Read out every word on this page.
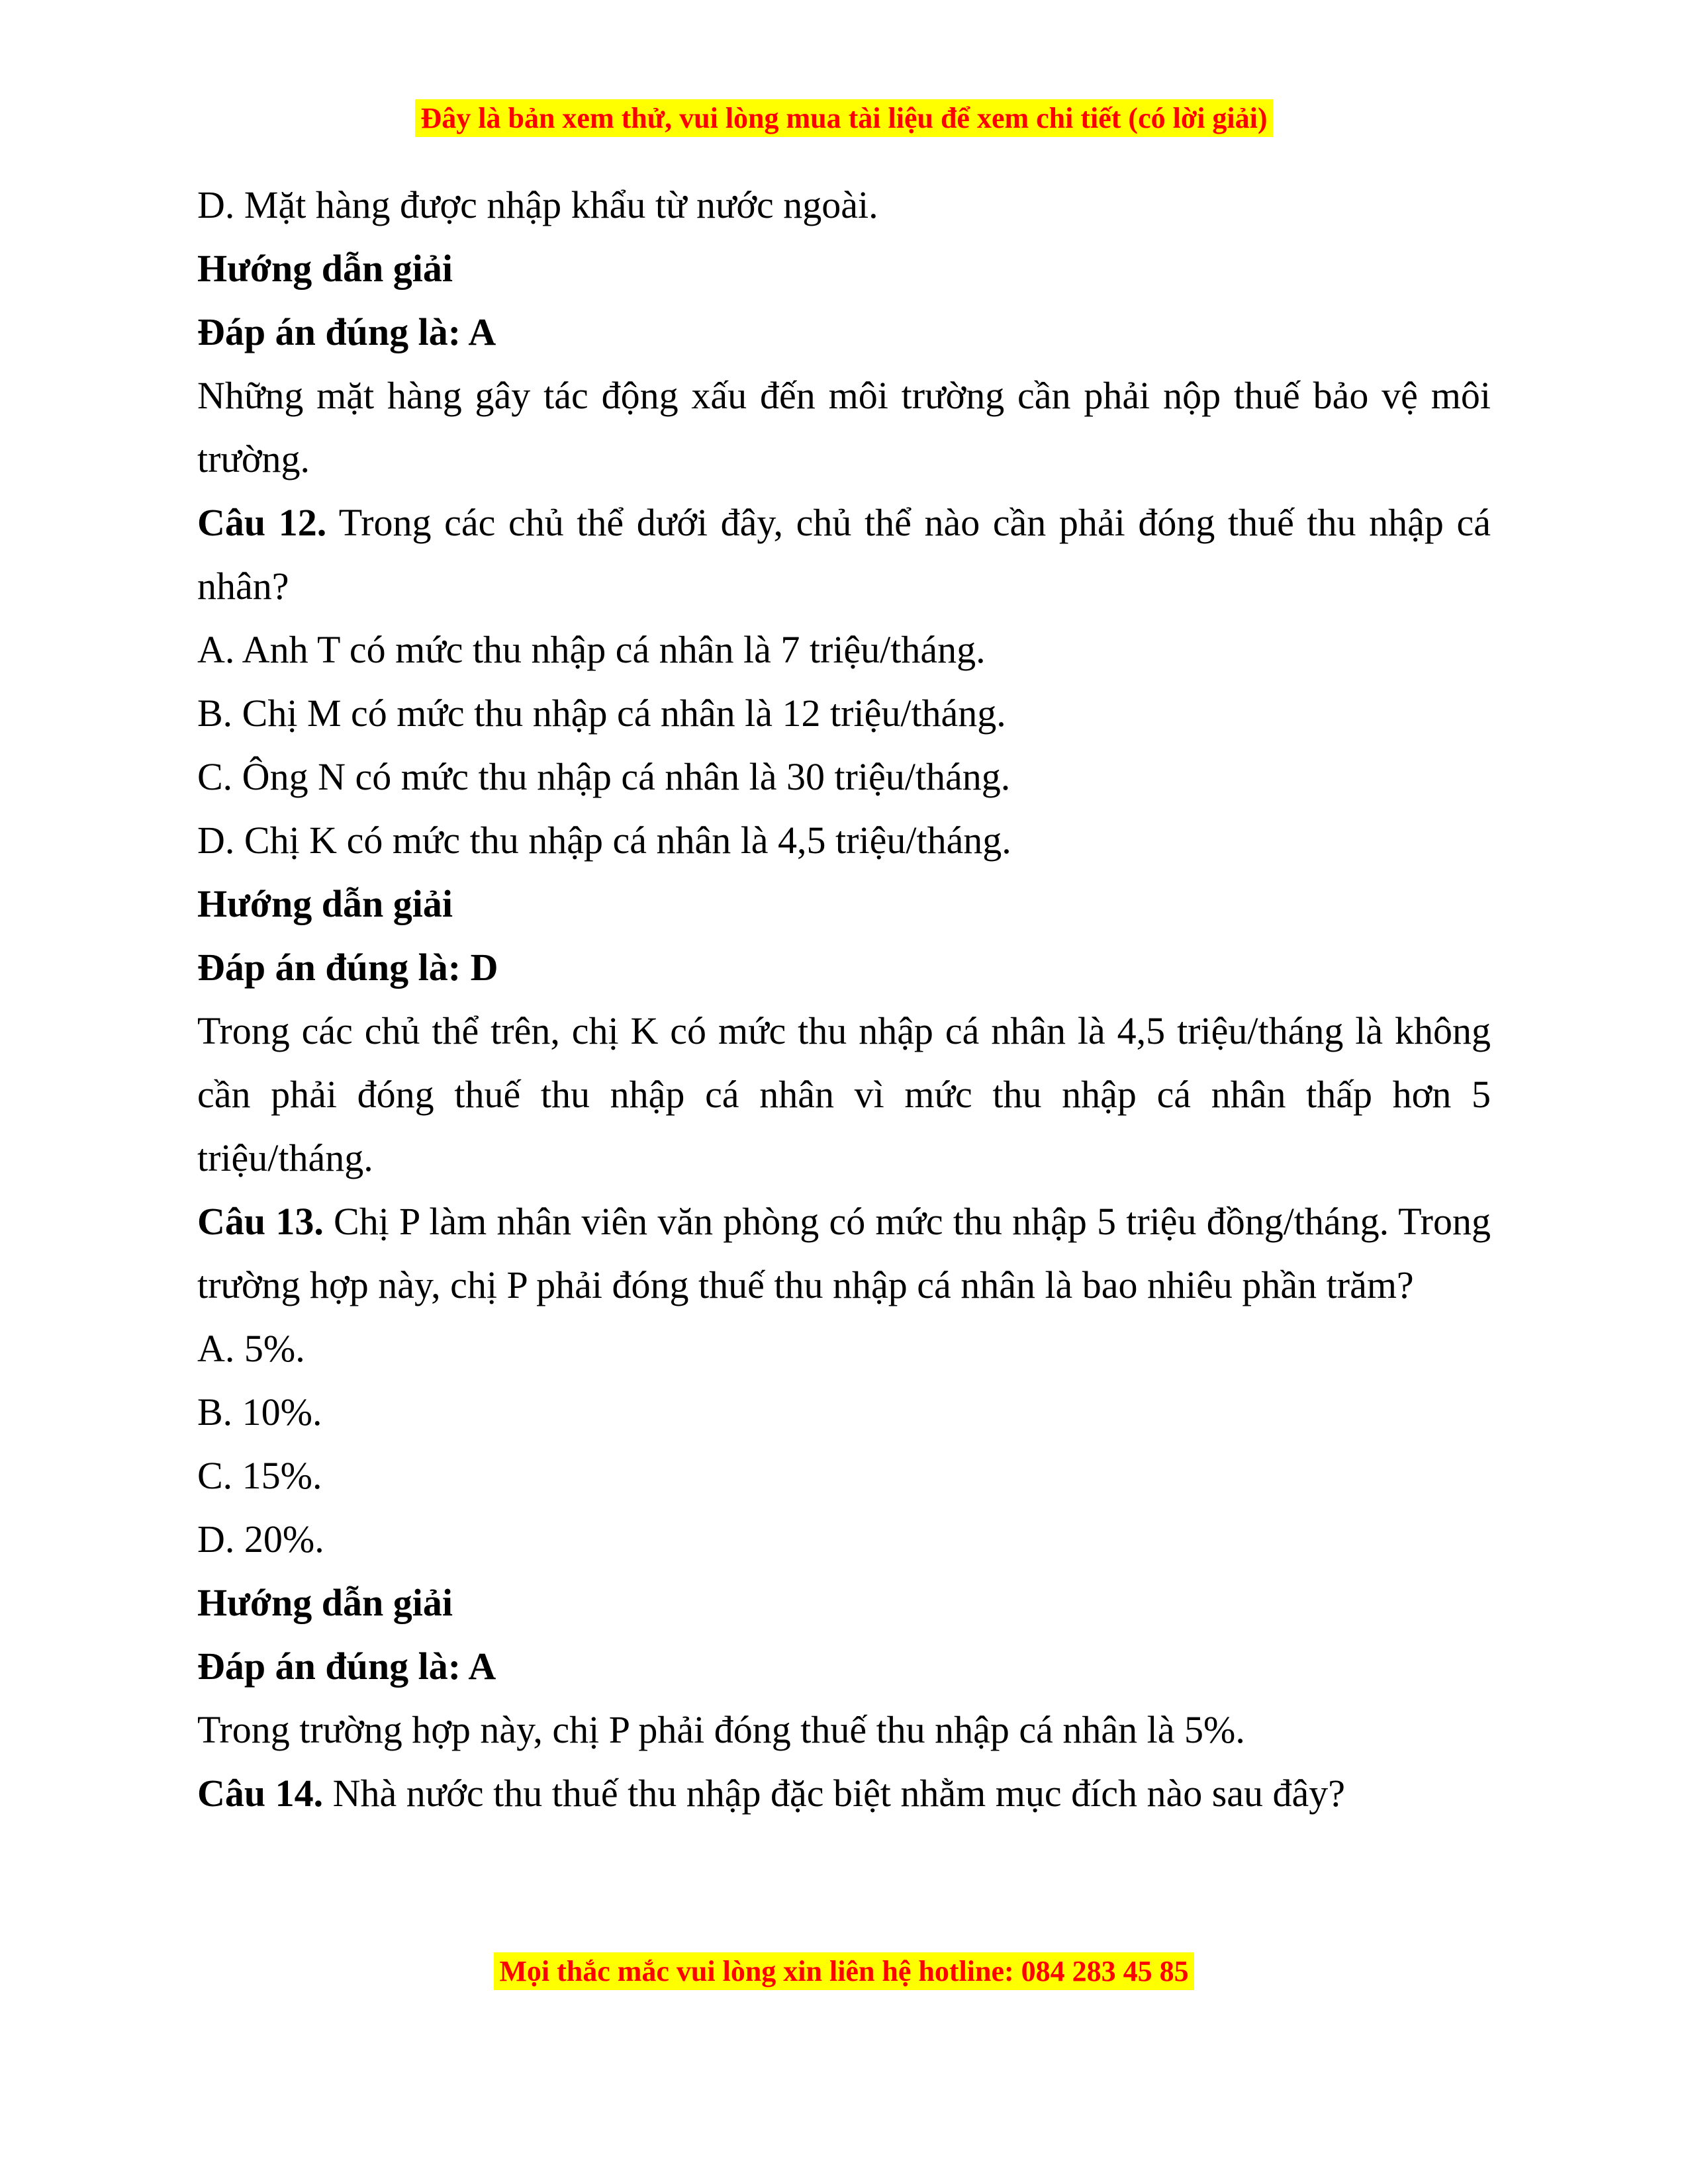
Đây là bản xem thử, vui lòng mua tài liệu để xem chi tiết (có lời giải)

D. Mặt hàng được nhập khẩu từ nước ngoài.

Hướng dẫn giải

Đáp án đúng là: A

Những mặt hàng gây tác động xấu đến môi trường cần phải nộp thuế bảo vệ môi trường.

Câu 12. Trong các chủ thể dưới đây, chủ thể nào cần phải đóng thuế thu nhập cá nhân?

A. Anh T có mức thu nhập cá nhân là 7 triệu/tháng.

B. Chị M có mức thu nhập cá nhân là 12 triệu/tháng.

C. Ông N có mức thu nhập cá nhân là 30 triệu/tháng.

D. Chị K có mức thu nhập cá nhân là 4,5 triệu/tháng.

Hướng dẫn giải

Đáp án đúng là: D

Trong các chủ thể trên, chị K có mức thu nhập cá nhân là 4,5 triệu/tháng là không cần phải đóng thuế thu nhập cá nhân vì mức thu nhập cá nhân thấp hơn 5 triệu/tháng.

Câu 13. Chị P làm nhân viên văn phòng có mức thu nhập 5 triệu đồng/tháng. Trong trường hợp này, chị P phải đóng thuế thu nhập cá nhân là bao nhiêu phần trăm?

A. 5%.

B. 10%.

C. 15%.

D. 20%.

Hướng dẫn giải

Đáp án đúng là: A

Trong trường hợp này, chị P phải đóng thuế thu nhập cá nhân là 5%.

Câu 14. Nhà nước thu thuế thu nhập đặc biệt nhằm mục đích nào sau đây?

Mọi thắc mắc vui lòng xin liên hệ hotline: 084 283 45 85
